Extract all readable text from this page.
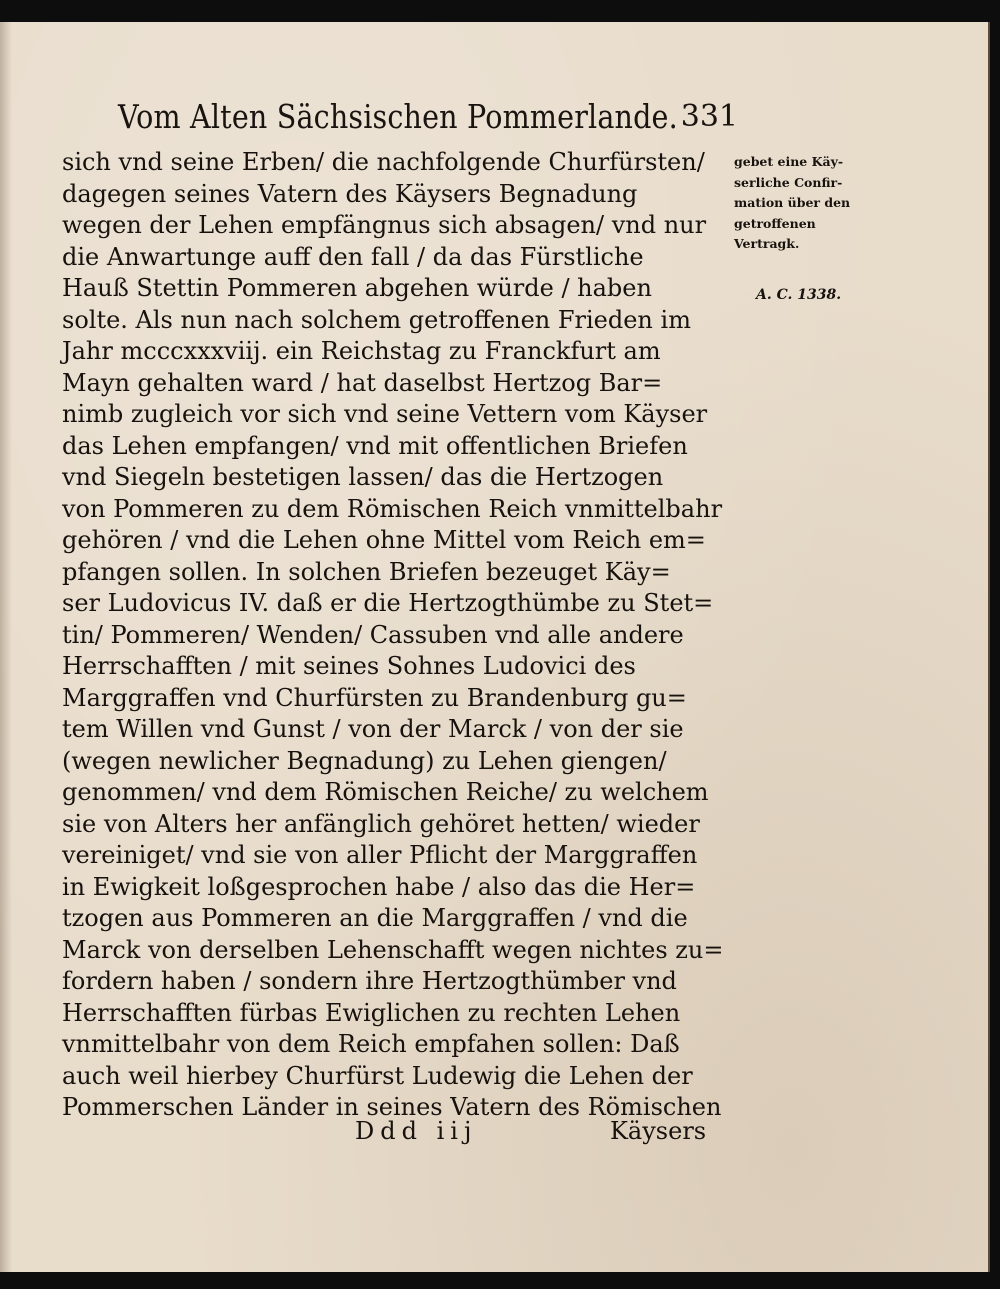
Vom Alten Sächsischen Pommerlande. 331
sich vnd seine Erben/ die nachfolgende Churfürsten/
dagegen seines Vatern des Käysers Begnadung
wegen der Lehen empfängnus sich absagen/ vnd nur
die Anwartunge auff den fall / da das Fürstliche
Hauß Stettin Pommeren abgehen würde / haben
solte. Als nun nach solchem getroffenen Frieden im
Jahr mcccxxxviij. ein Reichstag zu Franckfurt am
Mayn gehalten ward / hat daselbst Hertzog Bar=
nimb zugleich vor sich vnd seine Vettern vom Käyser
das Lehen empfangen/ vnd mit offentlichen Briefen
vnd Siegeln bestetigen lassen/ das die Hertzogen
von Pommeren zu dem Römischen Reich vnmittelbahr
gehören / vnd die Lehen ohne Mittel vom Reich em=
pfangen sollen. In solchen Briefen bezeuget Käy=
ser Ludovicus IV. daß er die Hertzogthümbe zu Stet=
tin/ Pommeren/ Wenden/ Cassuben vnd alle andere
Herrschafften / mit seines Sohnes Ludovici des
Marggraffen vnd Churfürsten zu Brandenburg gu=
tem Willen vnd Gunst / von der Marck / von der sie
(wegen newlicher Begnadung) zu Lehen giengen/
genommen/ vnd dem Römischen Reiche/ zu welchem
sie von Alters her anfänglich gehöret hetten/ wieder
vereiniget/ vnd sie von aller Pflicht der Marggraffen
in Ewigkeit loßgesprochen habe / also das die Her=
tzogen aus Pommeren an die Marggraffen / vnd die
Marck von derselben Lehenschafft wegen nichtes zu=
fordern haben / sondern ihre Hertzogthümber vnd
Herrschafften fürbas Ewiglichen zu rechten Lehen
vnmittelbahr von dem Reich empfahen sollen: Daß
auch weil hierbey Churfürst Ludewig die Lehen der
Pommerschen Länder in seines Vatern des Römischen
gebet eine Käy-
serliche Confir-
mation über den
getroffenen
Vertragk.
A. C. 1338.
Ddd iij	Käysers
